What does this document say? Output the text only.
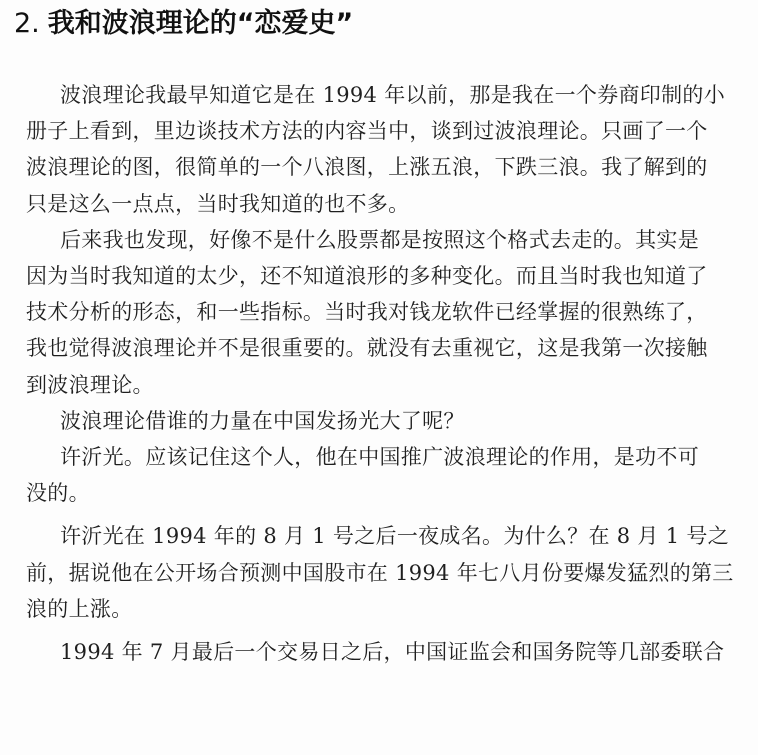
2. 我和波浪理论的“恋爱史”
波浪理论我最早知道它是在 1994 年以前，那是我在一个券商印制的小
册子上看到，里边谈技术方法的内容当中，谈到过波浪理论。只画了一个
波浪理论的图，很简单的一个八浪图，上涨五浪，下跌三浪。我了解到的
只是这么一点点，当时我知道的也不多。
后来我也发现，好像不是什么股票都是按照这个格式去走的。其实是
因为当时我知道的太少，还不知道浪形的多种变化。而且当时我也知道了
技术分析的形态，和一些指标。当时我对钱龙软件已经掌握的很熟练了，
我也觉得波浪理论并不是很重要的。就没有去重视它，这是我第一次接触
到波浪理论。
波浪理论借谁的力量在中国发扬光大了呢？
许沂光。应该记住这个人，他在中国推广波浪理论的作用，是功不可
没的。
许沂光在 1994 年的 8 月 1 号之后一夜成名。为什么？在 8 月 1 号之
前，据说他在公开场合预测中国股市在 1994 年七八月份要爆发猛烈的第三
浪的上涨。
1994 年 7 月最后一个交易日之后，中国证监会和国务院等几部委联合
